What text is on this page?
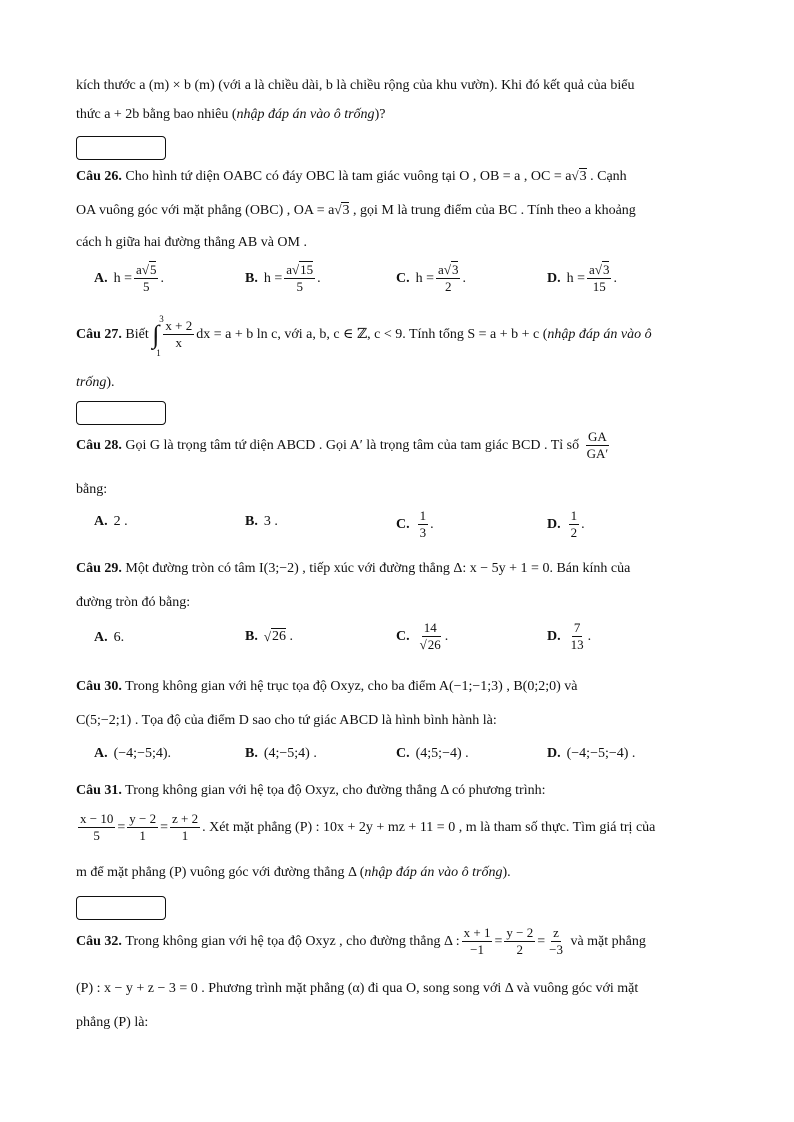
kích thước a (m) × b (m) (với a là chiều dài, b là chiều rộng của khu vườn). Khi đó kết quả của biểu
thức a + 2b bằng bao nhiêu (nhập đáp án vào ô trống)?
Câu 26. Cho hình tứ diện OABC có đáy OBC là tam giác vuông tại O , OB = a , OC = a√3 . Cạnh
OA vuông góc với mặt phẳng (OBC) , OA = a√3 , gọi M là trung điểm của BC . Tính theo a khoảng
cách h giữa hai đường thẳng AB và OM .
A. $h = \frac{a√5}{5}$ .	B. $h = \frac{a√15}{5}$ .	C. $h = \frac{a√3}{2}$ .	D. $h = \frac{a√3}{15}$ .
Câu 27.
Biết
∫
3
1
$\frac{x + 2}{x}$ dx = a + b ln c, với a, b, c ∈ ℤ, c < 9. Tính tổng S = a + b + c ( nhập đáp án vào ô
trống).
Câu 28.
Gọi G là trọng tâm tứ diện ABCD . Gọi A′ là trọng tâm của tam giác BCD . Tỉ số
$\frac{GA}{GA'}$
bằng:
A. 2 .	B. 3 .	C. $\frac{1}{3}$ .	D. $\frac{1}{2}$ .
Câu 29. Một đường tròn có tâm I(3;−2) , tiếp xúc với đường thẳng Δ: x − 5y + 1 = 0. Bán kính của
đường tròn đó bằng:
A. 6.	B. √ 26 .	C. $\frac{14}{√26}$ .	D. $\frac{7}{13}$ .
Câu 30. Trong không gian với hệ trục tọa độ Oxyz, cho ba điểm A(−1;−1;3) , B(0;2;0) và
C(5;−2;1) . Tọa độ của điểm D sao cho tứ giác ABCD là hình bình hành là:
A. (−4;−5;4).	B. (4;−5;4) .	C. (4;5;−4) .	D. (−4;−5;−4) .
Câu 31. Trong không gian với hệ tọa độ Oxyz, cho đường thẳng Δ có phương trình:
$\frac{x - 10}{5} = \frac{y - 2}{1} = \frac{z + 2}{1}$ . Xét mặt phẳng (P) : 10x + 2y + mz + 11 = 0 , m là tham số thực. Tìm giá trị của
m để mặt phẳng (P) vuông góc với đường thẳng Δ (nhập đáp án vào ô trống).
Câu 32.
Trong không gian với hệ tọa độ Oxyz , cho đường thẳng Δ : $\frac{x + 1}{-1} = \frac{y - 2}{2} = \frac{z}{-3}$
và mặt phẳng
(P) : x − y + z − 3 = 0 . Phương trình mặt phẳng (α) đi qua O, song song với Δ và vuông góc với mặt
phẳng (P) là:
